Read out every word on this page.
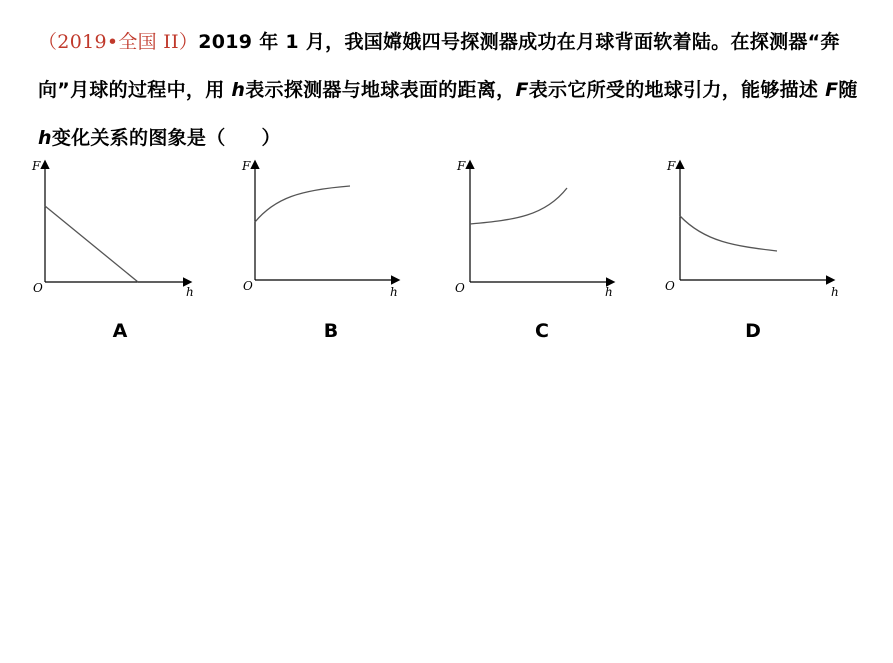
（2019•全国 II）2019 年 1 月，我国嫦娥四号探测器成功在月球背面软着陆。在探测器“奔向”月球的过程中，用 h表示探测器与地球表面的距离，F表示它所受的地球引力，能够描述 F随 h变化关系的图象是（ ）
F
h
O
F
h
O
F
h
O
F
h
O
A	B	C	D
